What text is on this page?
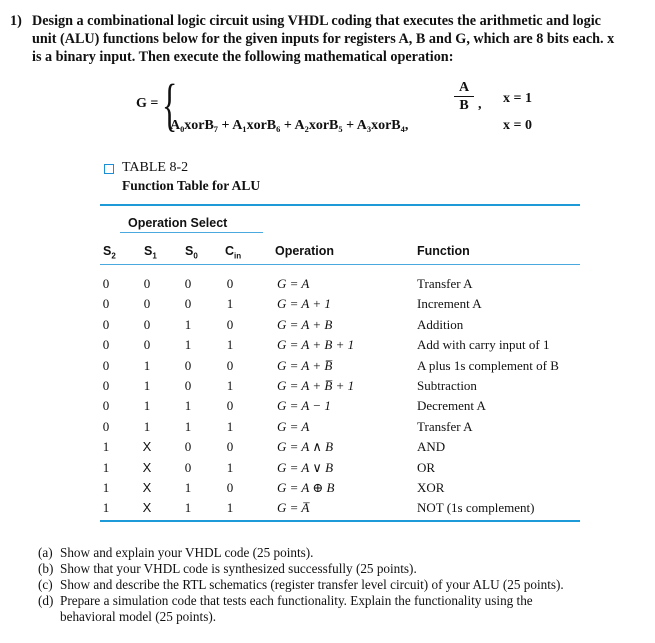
1) Design a combinational logic circuit using VHDL coding that executes the arithmetic and logic
unit (ALU) functions below for the given inputs for registers A, B and G, which are 8 bits each. x
is a binary input. Then execute the following mathematical operation:
G = {	A
B ,
A₀xorB₇ + A₁xorB₆ + A₂xorB₅ + A₃xorB₄,
x = 1
x = 0
TABLE 8-2
Function Table for ALU
Operation Select
$S_2$ $S_1$ $S_0$ $C_{in}$	Operation	Function
0	0	0	0	G = A	Transfer A
0	0	0	1	G = A + 1	Increment A
0	0	1	0	G = A + B	Addition
0	0	1	1	G = A + B + 1	Add with carry input of 1
0	1	0	0	G = A + B̅	A plus 1s complement of B
0	1	0	1	G = A + B̅ + 1	Subtraction
0	1	1	0	G = A − 1	Decrement A
0	1	1	1	G = A	Transfer A
1	X	0	0	G = A ∧ B	AND
1	X	0	1	G = A ∨ B	OR
1	X	1	0	G = A ⊕ B	XOR
1	X	1	1	G = A̅	NOT (1s complement)
(a) Show and explain your VHDL code (25 points).
(b) Show that your VHDL code is synthesized successfully (25 points).
(c) Show and describe the RTL schematics (register transfer level circuit) of your ALU (25 points).
(d) Prepare a simulation code that tests each functionality. Explain the functionality using the
behavioral model (25 points).
